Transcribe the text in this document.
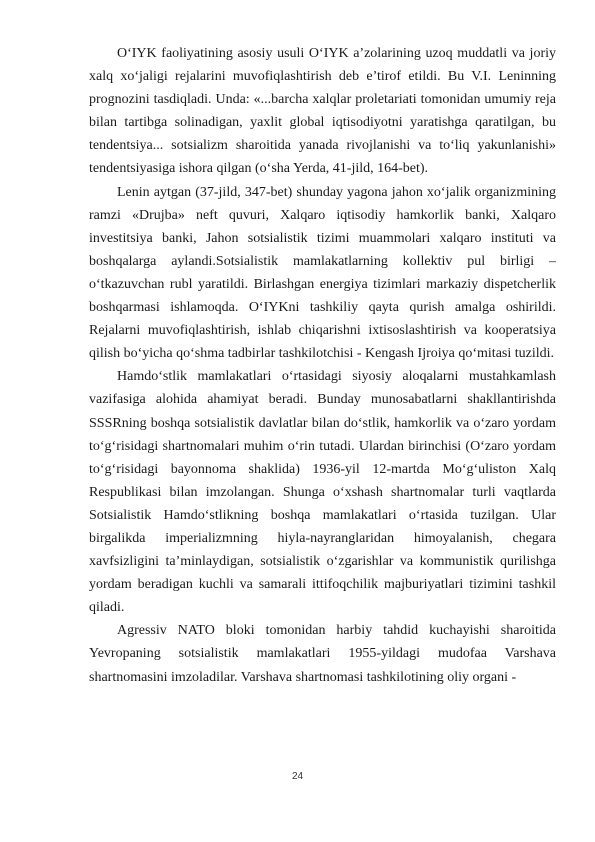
O‘IYK faoliyatining asosiy usuli O‘IYK a’zolarining uzoq muddatli va joriy xalq xo‘jaligi rejalarini muvofiqlashtirish deb e’tirof etildi. Bu V.I. Leninning prognozini tasdiqladi. Unda: «...barcha xalqlar proletariati tomonidan umumiy reja bilan tartibga solinadigan, yaxlit global iqtisodiyotni yaratishga qaratilgan, bu tendentsiya... sotsializm sharoitida yanada rivojlanishi va to‘liq yakunlanishi» tendentsiyasiga ishora qilgan (o‘sha Yerda, 41-jild, 164-bet).

Lenin aytgan (37-jild, 347-bet) shunday yagona jahon xo‘jalik organizmining ramzi «Drujba» neft quvuri, Xalqaro iqtisodiy hamkorlik banki, Xalqaro investitsiya banki, Jahon sotsialistik tizimi muammolari xalqaro instituti va boshqalarga aylandi.Sotsialistik mamlakatlarning kollektiv pul birligi – o‘tkazuvchan rubl yaratildi. Birlashgan energiya tizimlari markaziy dispetcherlik boshqarmasi ishlamoqda. O‘IYKni tashkiliy qayta qurish amalga oshirildi. Rejalarni muvofiqlashtirish, ishlab chiqarishni ixtisoslashtirish va kooperatsiya qilish bo‘yicha qo‘shma tadbirlar tashkilotchisi - Kengash Ijroiya qo‘mitasi tuzildi.

Hamdo‘stlik mamlakatlari o‘rtasidagi siyosiy aloqalarni mustahkamlash vazifasiga alohida ahamiyat beradi. Bunday munosabatlarni shakllantirishda SSSRning boshqa sotsialistik davlatlar bilan do‘stlik, hamkorlik va o‘zaro yordam to‘g‘risidagi shartnomalari muhim o‘rin tutadi. Ulardan birinchisi (O‘zaro yordam to‘g‘risidagi bayonnoma shaklida) 1936-yil 12-martda Mo‘g‘uliston Xalq Respublikasi bilan imzolangan. Shunga o‘xshash shartnomalar turli vaqtlarda Sotsialistik Hamdo‘stlikning boshqa mamlakatlari o‘rtasida tuzilgan. Ular birgalikda imperializmning hiyla-nayranglaridan himoyalanish, chegara xavfsizligini ta’minlaydigan, sotsialistik o‘zgarishlar va kommunistik qurilishga yordam beradigan kuchli va samarali ittifoqchilik majburiyatlari tizimini tashkil qiladi.

Agressiv NATO bloki tomonidan harbiy tahdid kuchayishi sharoitida Yevropaning sotsialistik mamlakatlari 1955-yildagi mudofaa Varshava shartnomasini imzoladilar. Varshava shartnomasi tashkilotining oliy organi -

24
